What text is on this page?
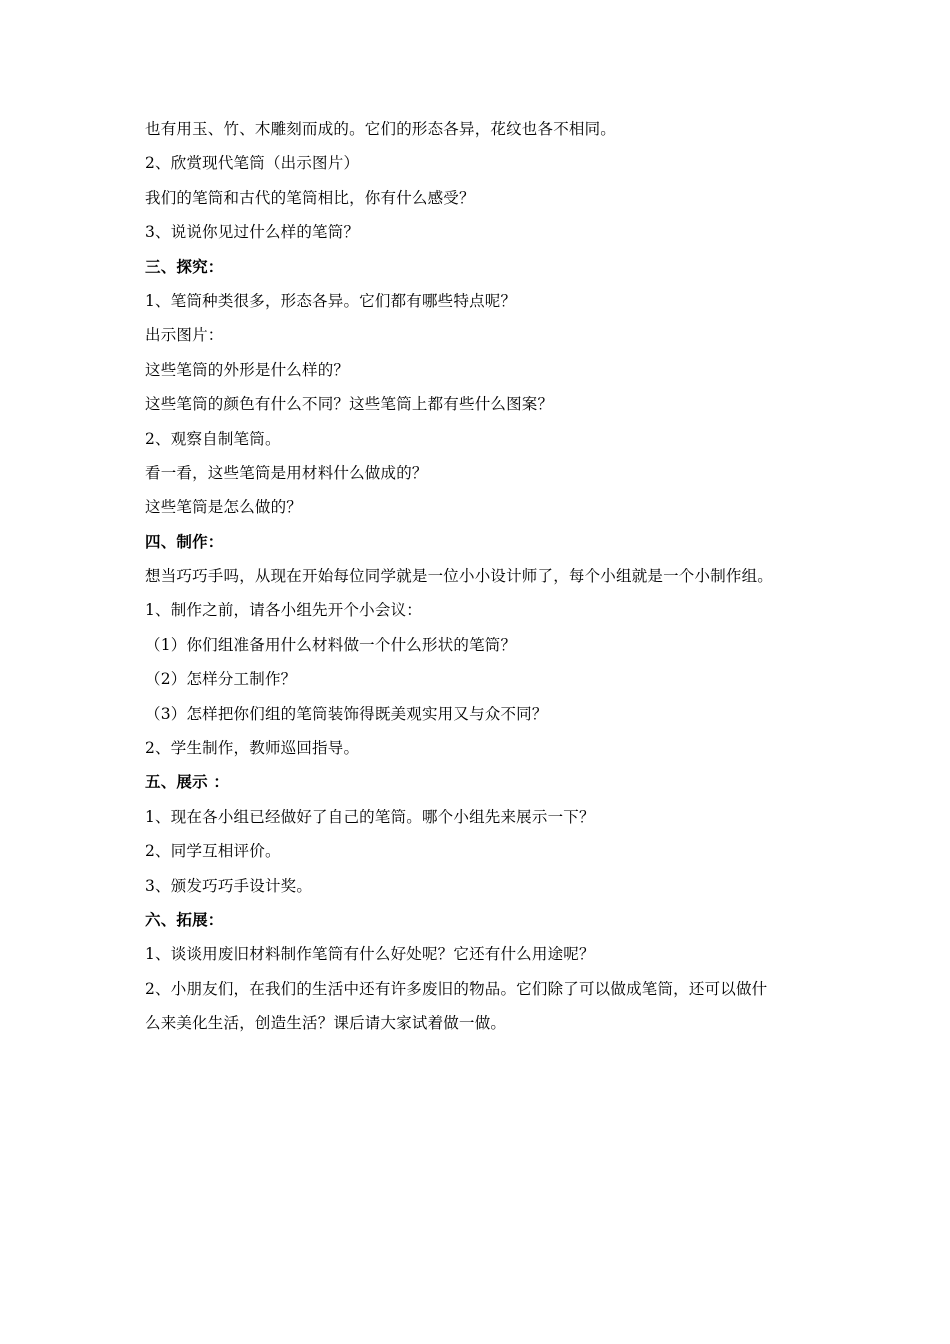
也有用玉、竹、木雕刻而成的。它们的形态各异，花纹也各不相同。
2、欣赏现代笔筒（出示图片）
我们的笔筒和古代的笔筒相比，你有什么感受？
3、说说你见过什么样的笔筒？
三、探究：
1、笔筒种类很多，形态各异。它们都有哪些特点呢？
出示图片：
这些笔筒的外形是什么样的？
这些笔筒的颜色有什么不同？这些笔筒上都有些什么图案？
2、观察自制笔筒。
看一看，这些笔筒是用材料什么做成的？
这些笔筒是怎么做的？
四、制作：
想当巧巧手吗，从现在开始每位同学就是一位小小设计师了，每个小组就是一个小制作组。
1、制作之前，请各小组先开个小会议：
（1）你们组准备用什么材料做一个什么形状的笔筒？
（2）怎样分工制作？
（3）怎样把你们组的笔筒装饰得既美观实用又与众不同？
2、学生制作，教师巡回指导。
五、展示 ：
1、现在各小组已经做好了自己的笔筒。哪个小组先来展示一下？
2、同学互相评价。
3、颁发巧巧手设计奖。
六、拓展：
1、谈谈用废旧材料制作笔筒有什么好处呢？它还有什么用途呢？
2、小朋友们，在我们的生活中还有许多废旧的物品。它们除了可以做成笔筒，还可以做什
么来美化生活，创造生活？课后请大家试着做一做。
